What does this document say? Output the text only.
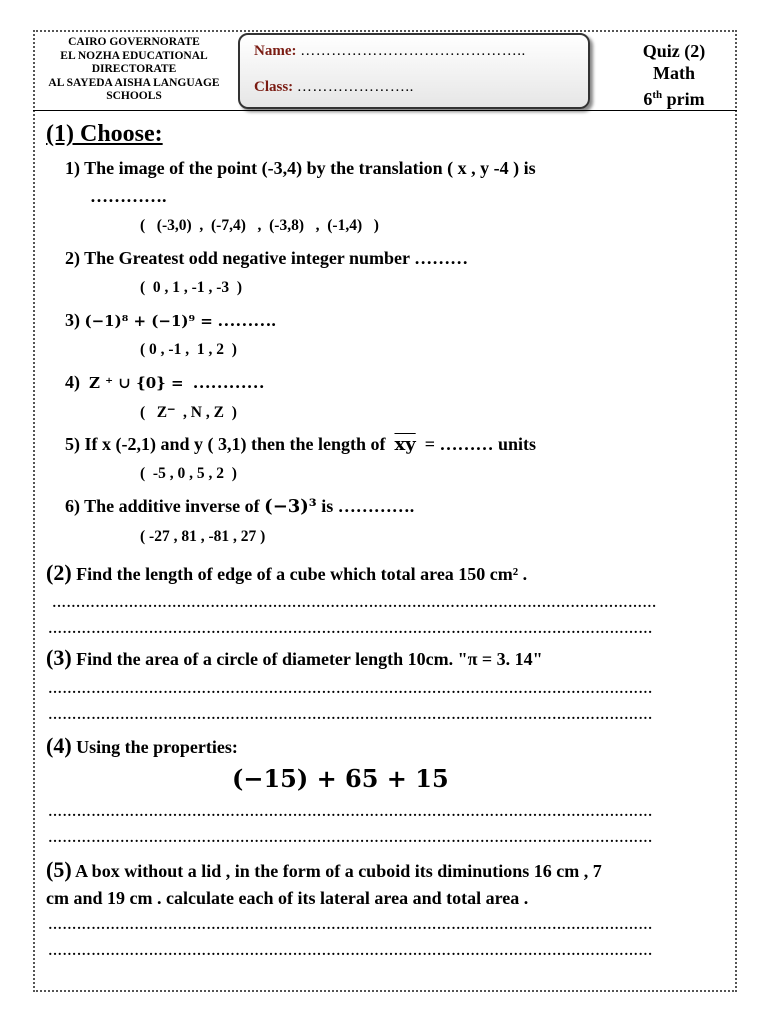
CAIRO GOVERNORATE
EL NOZHA EDUCATIONAL
DIRECTORATE
AL SAYEDA AISHA LANGUAGE
SCHOOLS
Name: ……………………………………..
Class: …………………..
Quiz (2)
Math
6th prim
(1) Choose:
1) The image of the point (-3,4) by the translation ( x , y -4 ) is
………….
(   (-3,0)  ,  (-7,4)   ,  (-3,8)   ,  (-1,4)   )
2) The Greatest odd negative integer number ………
(  0 , 1 , -1 , -3  )
3) (−1)⁸ + (−1)⁹ = ……….
( 0 , -1 ,  1 , 2  )
4) Z ⁺ ∪ {0} = …………
(   Z⁻  , N , Z  )
5) If x (-2,1) and y ( 3,1) then the length of $\overline{xy}$ = ……… units
(  -5 , 0 , 5 , 2  )
6) The additive inverse of (−3)³ is ………….
( -27 , 81 , -81 , 27 )
(2) Find the length of edge of a cube which total area 150 cm² .
………………………………………………………………………………………………………………
………………………………………………………………………………………………………………
(3) Find the area of a circle of diameter length 10cm. "π = 3. 14"
………………………………………………………………………………………………………………
………………………………………………………………………………………………………………
(4) Using the properties:
(−15) + 65 + 15
………………………………………………………………………………………………………………
………………………………………………………………………………………………………………
(5) A box without a lid , in the form of a cuboid its diminutions 16 cm , 7
cm and 19 cm . calculate each of its lateral area and total area .
………………………………………………………………………………………………………………
………………………………………………………………………………………………………………
